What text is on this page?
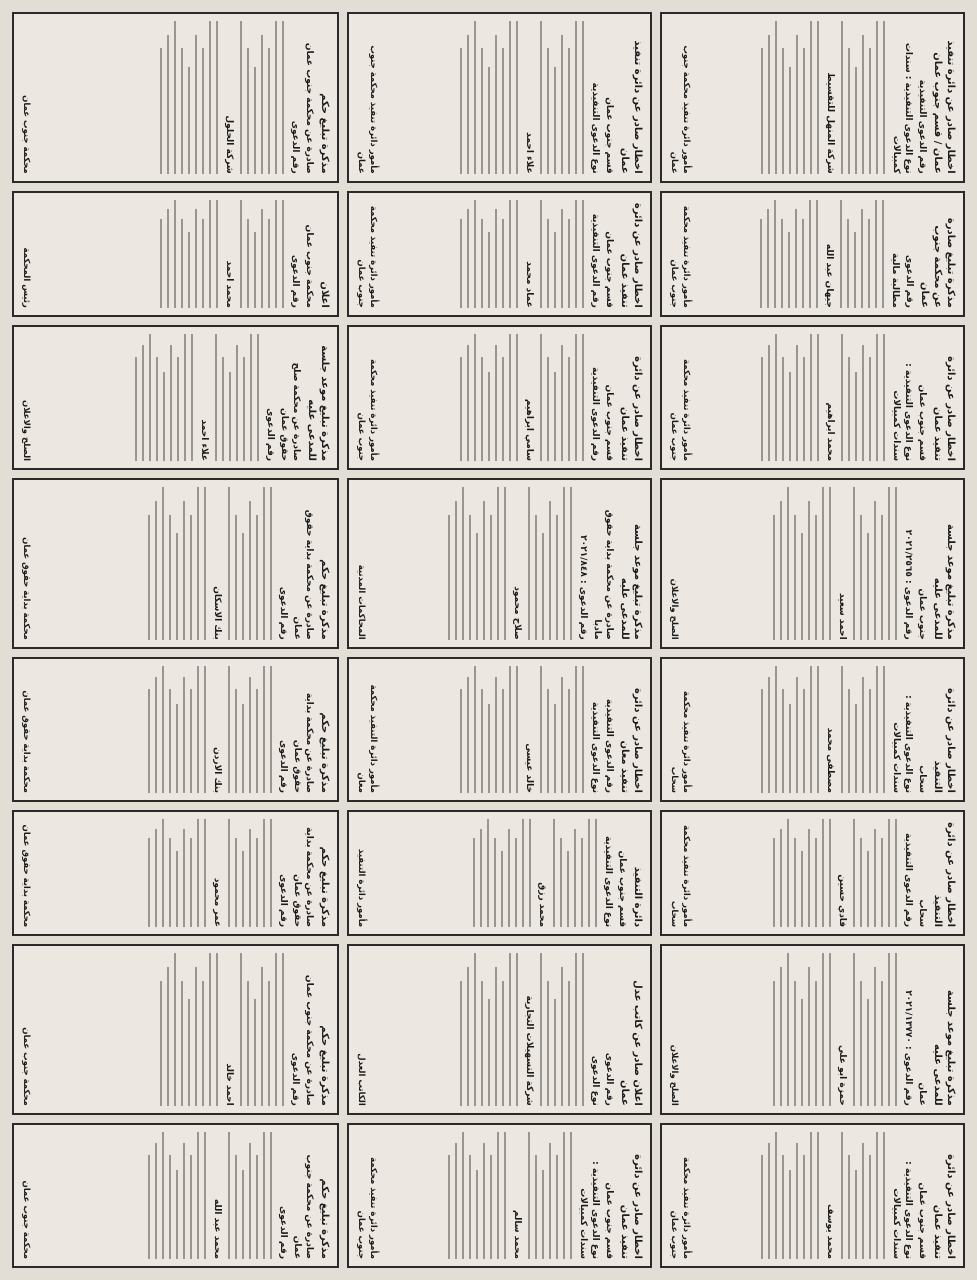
اخطار صادر عن دائرة تنفيذ عمان / قسم جنوب عمان
رقم الدعوى التنفيذية
نوع الدعوى التنفيذية : سندات كمبيالات
شركة المنهل للتقسيط
مأمور دائرة تنفيذ محكمة جنوب عمان
مذكرة تبليغ صادرة عن محكمة جنوب عمان
رقم الدعوى
مطالبة مالية
جيهان عبد الله
مأمور دائرة تنفيذ محكمة جنوب عمان
اخطار صادر عن دائرة تنفيذ عمان
قسم جنوب عمان
نوع الدعوى التنفيذية : سندات كمبيالات
محمد ابراهيم
مأمور دائرة تنفيذ محكمة جنوب عمان
مذكرة تبليغ موعد جلسة للمدعى عليه
جنوب عمان
رقم الدعوى : ٢٠٢١/٢٥٦٥
احمد سعيد
الصلح والاعلان
اخطار صادر عن دائرة التنفيذ
سحاب
نوع الدعوى التنفيذية : سندات كمبيالات
مصطفى محمد
مأمور دائرة تنفيذ محكمة سحاب
اخطار صادر عن دائرة التنفيذ
سحاب
رقم الدعوى التنفيذية
فادي حسين
مأمور دائرة تنفيذ محكمة سحاب
مذكرة تبليغ موعد جلسة للمدعى عليه
عمان
رقم الدعوى : ٢٠٢١/١٣٧٧٠
حمزة ابو علي
الصلح والاعلان
اخطار صادر عن دائرة تنفيذ عمان
قسم جنوب عمان
نوع الدعوى التنفيذية : سندات كمبيالات
محمد يوسف
مأمور دائرة تنفيذ محكمة جنوب عمان
اخطار صادر عن دائرة تنفيذ عمان
قسم جنوب عمان
نوع الدعوى التنفيذية
علاء احمد
مأمور دائرة تنفيذ محكمة جنوب عمان
اخطار صادر عن دائرة تنفيذ عمان
قسم جنوب عمان
رقم الدعوى التنفيذية
عماد محمد
مأمور دائرة تنفيذ محكمة جنوب عمان
اخطار صادر عن دائرة تنفيذ عمان
قسم جنوب عمان
رقم الدعوى التنفيذية
سامي ابراهيم
مأمور دائرة تنفيذ محكمة جنوب عمان
مذكرة تبليغ موعد جلسة للمدعى عليه
صادرة عن محكمة بداية حقوق مادبا
رقم الدعوى : ٢٠٢١/٨٤٨
صلاح محمود
المحاكمات المدنية
اخطار صادر عن دائرة تنفيذ معان
رقم الدعوى التنفيذية
نوع الدعوى التنفيذية
خالد عيسى
مأمور دائرة التنفيذ محكمة معان
دائرة التنفيذ
قسم جنوب عمان
نوع الدعوى التنفيذية
محمد رزق
مأمور دائرة التنفيذ
اعلان صادر عن كاتب عدل عمان
رقم الدعوى
نوع الدعوى
شركة التسهيلات التجارية
الكاتب العدل
اخطار صادر عن دائرة تنفيذ عمان
قسم جنوب عمان
نوع الدعوى التنفيذية : سندات كمبيالات
محمد سالم
مأمور دائرة تنفيذ محكمة جنوب عمان
مذكرة تبليغ حكم
صادرة عن محكمة جنوب عمان
رقم الدعوى
شركة الحلول
محكمة جنوب عمان
اعلان
محكمة جنوب عمان
رقم الدعوى
محمد احمد
رئيس المحكمة
مذكرة تبليغ موعد جلسة للمدعى عليه
صادرة عن محكمة صلح حقوق عمان
رقم الدعوى
علاء احمد
الصلح والاعلان
مذكرة تبليغ حكم
صادرة عن محكمة بداية حقوق عمان
رقم الدعوى
بنك الاسكان
محكمة بداية حقوق عمان
مذكرة تبليغ حكم
صادرة عن محكمة بداية حقوق عمان
رقم الدعوى
بنك الاردن
محكمة بداية حقوق عمان
مذكرة تبليغ حكم
صادرة عن محكمة بداية حقوق عمان
رقم الدعوى
عمر محمود
محكمة بداية حقوق عمان
مذكرة تبليغ حكم
صادرة عن محكمة جنوب عمان
رقم الدعوى
احمد خالد
محكمة جنوب عمان
مذكرة تبليغ حكم
صادرة عن محكمة جنوب عمان
رقم الدعوى
محمد عبد الله
محكمة جنوب عمان
